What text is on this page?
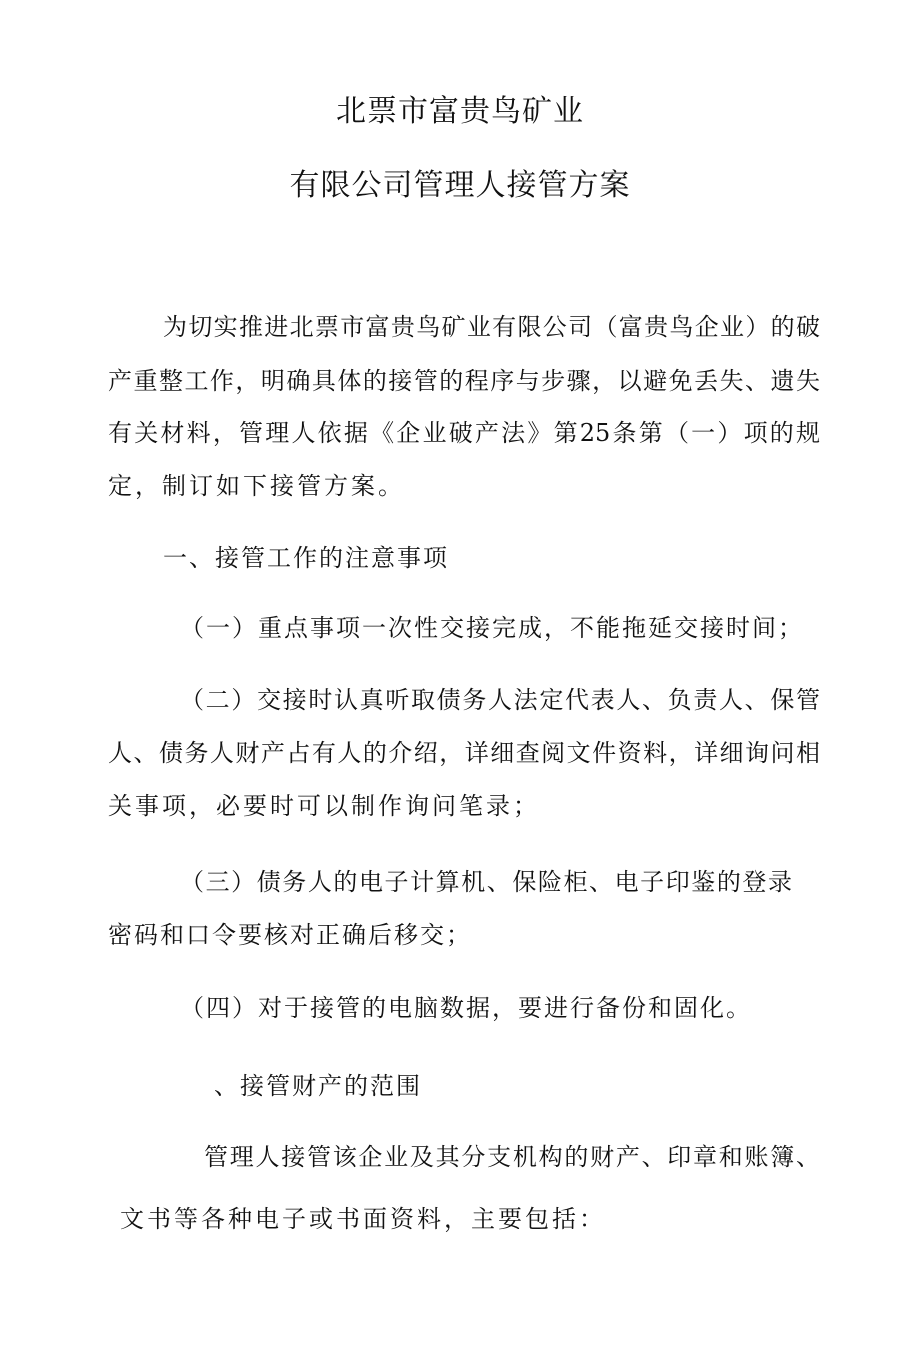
北票市富贵鸟矿业
有限公司管理人接管方案
为切实推进北票市富贵鸟矿业有限公司（富贵鸟企业）的破
产重整工作，明确具体的接管的程序与步骤，以避免丢失、遗失
有关材料，管理人依据《企业破产法》第25条第（一）项的规
定，制订如下接管方案。
一、接管工作的注意事项
（一）重点事项一次性交接完成，不能拖延交接时间；
（二）交接时认真听取债务人法定代表人、负责人、保管
人、债务人财产占有人的介绍，详细查阅文件资料，详细询问相
关事项，必要时可以制作询问笔录；
（三）债务人的电子计算机、保险柜、电子印鉴的登录
密码和口令要核对正确后移交；
（四）对于接管的电脑数据，要进行备份和固化。
、接管财产的范围
管理人接管该企业及其分支机构的财产、印章和账簿、
文书等各种电子或书面资料，主要包括：
